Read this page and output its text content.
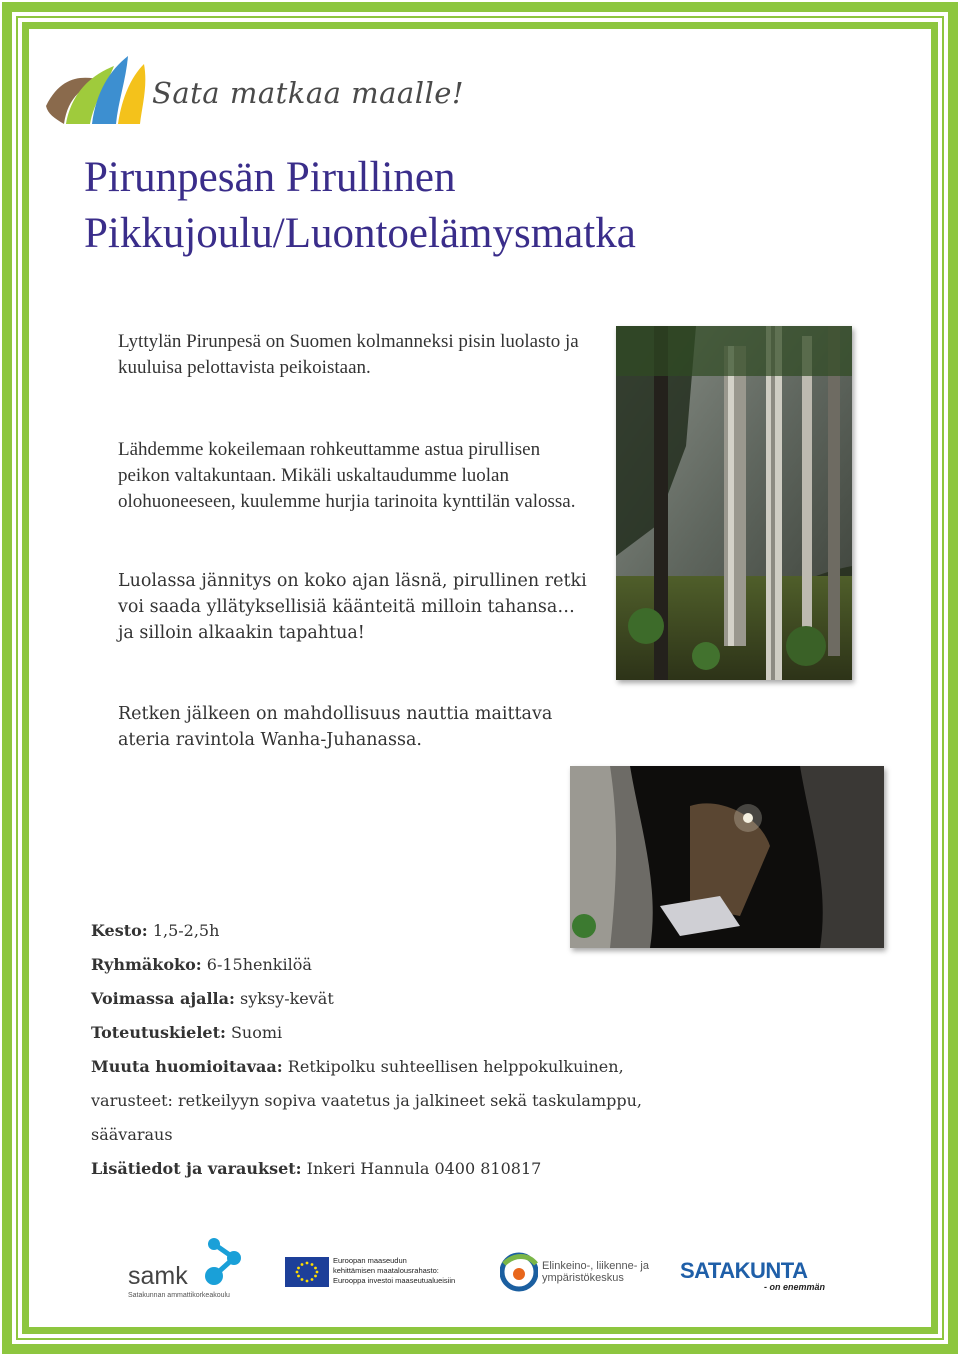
Sata matkaa maalle!
Pirunpesän Pirullinen
Pikkujoulu/Luontoelämysmatka

Lyttylän Pirunpesä on Suomen kolmanneksi pisin luolasto ja kuuluisa pelottavista peikoistaan.

Lähdemme kokeilemaan rohkeuttamme astua pirullisen peikon valtakuntaan. Mikäli uskaltaudumme luolan olohuoneeseen, kuulemme hurjia tarinoita kynttilän valossa.

Luolassa jännitys on koko ajan läsnä, pirullinen retki voi saada yllätyksellisiä käänteitä milloin tahansa… ja silloin alkaakin tapahtua!

Retken jälkeen on mahdollisuus nauttia maittava ateria ravintola Wanha-Juhanassa.

Kesto: 1,5-2,5h
Ryhmäkoko: 6-15henkilöä
Voimassa ajalla: syksy-kevät
Toteutuskielet: Suomi
Muuta huomioitavaa: Retkipolku suhteellisen helppokulkuinen,
varusteet: retkeilyyn sopiva vaatetus ja jalkineet sekä taskulamppu,
säävaraus
Lisätiedot ja varaukset: Inkeri Hannula 0400 810817
samk
Satakunnan ammattikorkeakoulu
Euroopan maaseudun
kehittämisen maatalousrahasto:
Eurooppa investoi maaseutualueisiin
Elinkeino-, liikenne- ja
ympäristökeskus	SATAKUNTA
- on enemmän
